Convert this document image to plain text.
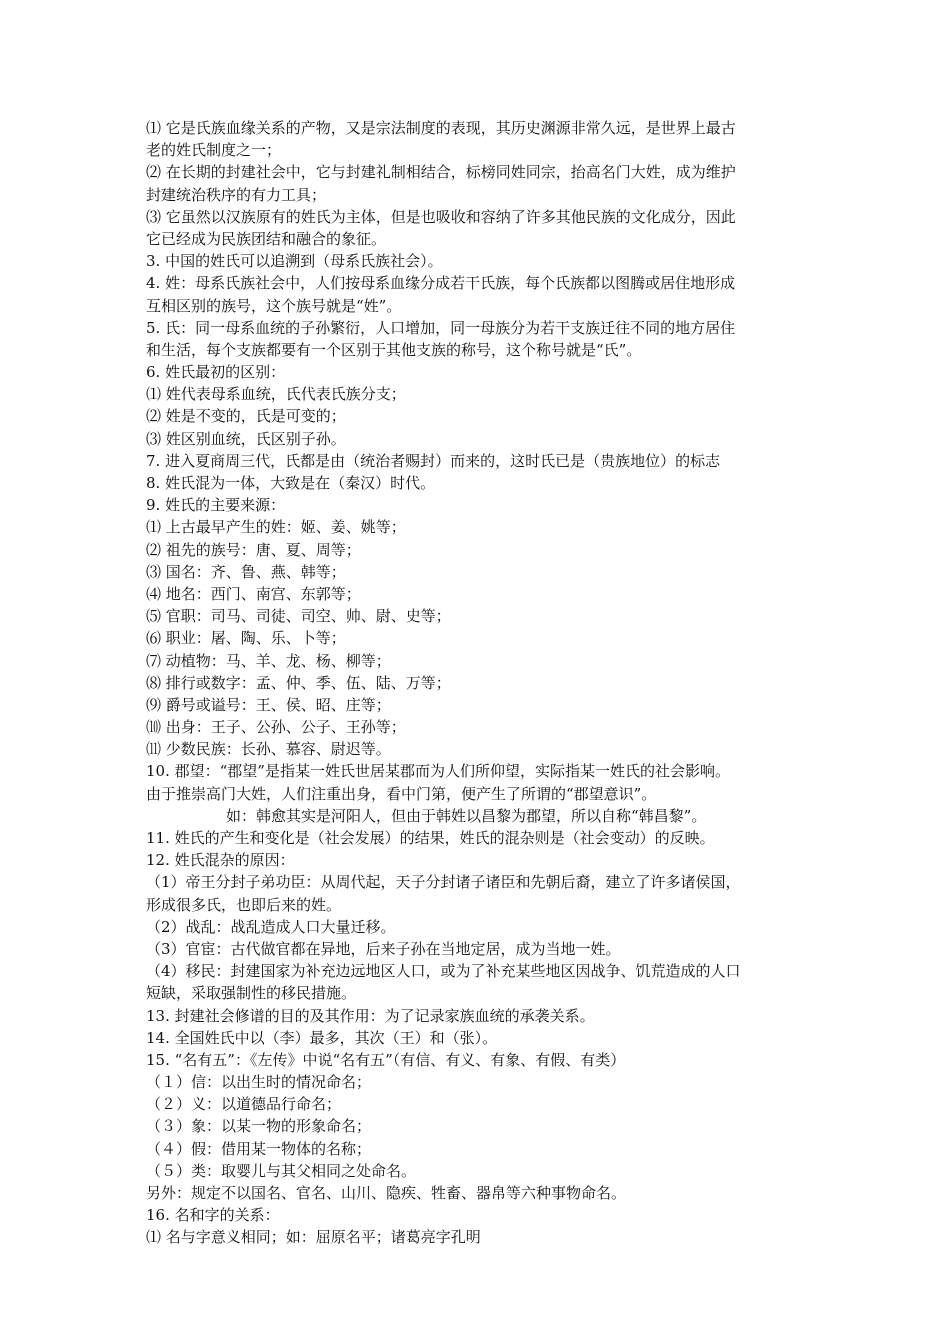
⑴ 它是氏族血缘关系的产物，又是宗法制度的表现，其历史渊源非常久远，是世界上最古
老的姓氏制度之一；
⑵ 在长期的封建社会中，它与封建礼制相结合，标榜同姓同宗，抬高名门大姓，成为维护
封建统治秩序的有力工具；
⑶ 它虽然以汉族原有的姓氏为主体，但是也吸收和容纳了许多其他民族的文化成分，因此
它已经成为民族团结和融合的象征。
3. 中国的姓氏可以追溯到（母系氏族社会）。
4. 姓：母系氏族社会中，人们按母系血缘分成若干氏族，每个氏族都以图腾或居住地形成
互相区别的族号，这个族号就是“姓”。
5. 氏：同一母系血统的子孙繁衍，人口增加，同一母族分为若干支族迁往不同的地方居住
和生活，每个支族都要有一个区别于其他支族的称号，这个称号就是“氏”。
6. 姓氏最初的区别：
⑴ 姓代表母系血统，氏代表氏族分支；
⑵ 姓是不变的，氏是可变的；
⑶ 姓区别血统，氏区别子孙。
7. 进入夏商周三代，氏都是由（统治者赐封）而来的，这时氏已是（贵族地位）的标志
8. 姓氏混为一体，大致是在（秦汉）时代。
9. 姓氏的主要来源：
⑴ 上古最早产生的姓：姬、姜、姚等；
⑵ 祖先的族号：唐、夏、周等；
⑶ 国名：齐、鲁、燕、韩等；
⑷ 地名：西门、南宫、东郭等；
⑸ 官职：司马、司徒、司空、帅、尉、史等；
⑹ 职业：屠、陶、乐、卜等；
⑺ 动植物：马、羊、龙、杨、柳等；
⑻ 排行或数字：孟、仲、季、伍、陆、万等；
⑼ 爵号或谥号：王、侯、昭、庄等；
⑽ 出身：王子、公孙、公子、王孙等；
⑾ 少数民族：长孙、慕容、尉迟等。
10. 郡望：“郡望”是指某一姓氏世居某郡而为人们所仰望，实际指某一姓氏的社会影响。
由于推崇高门大姓，人们注重出身，看中门第，便产生了所谓的“郡望意识”。
如：韩愈其实是河阳人，但由于韩姓以昌黎为郡望，所以自称“韩昌黎”。
11. 姓氏的产生和变化是（社会发展）的结果，姓氏的混杂则是（社会变动）的反映。
12. 姓氏混杂的原因：
（1）帝王分封子弟功臣：从周代起，天子分封诸子诸臣和先朝后裔，建立了许多诸侯国，
形成很多氏，也即后来的姓。
（2）战乱：战乱造成人口大量迁移。
（3）官宦：古代做官都在异地，后来子孙在当地定居，成为当地一姓。
（4）移民：封建国家为补充边远地区人口，或为了补充某些地区因战争、饥荒造成的人口
短缺，采取强制性的移民措施。
13. 封建社会修谱的目的及其作用：为了记录家族血统的承袭关系。
14. 全国姓氏中以（李）最多，其次（王）和（张）。
15. “名有五”：《左传》中说“名有五”（有信、有义、有象、有假、有类）
（１）信：以出生时的情况命名；
（２）义：以道德品行命名；
（３）象：以某一物的形象命名；
（４）假：借用某一物体的名称；
（５）类：取婴儿与其父相同之处命名。
另外：规定不以国名、官名、山川、隐疾、牲畜、器帛等六种事物命名。
16. 名和字的关系：
⑴ 名与字意义相同；如：屈原名平；诸葛亮字孔明
